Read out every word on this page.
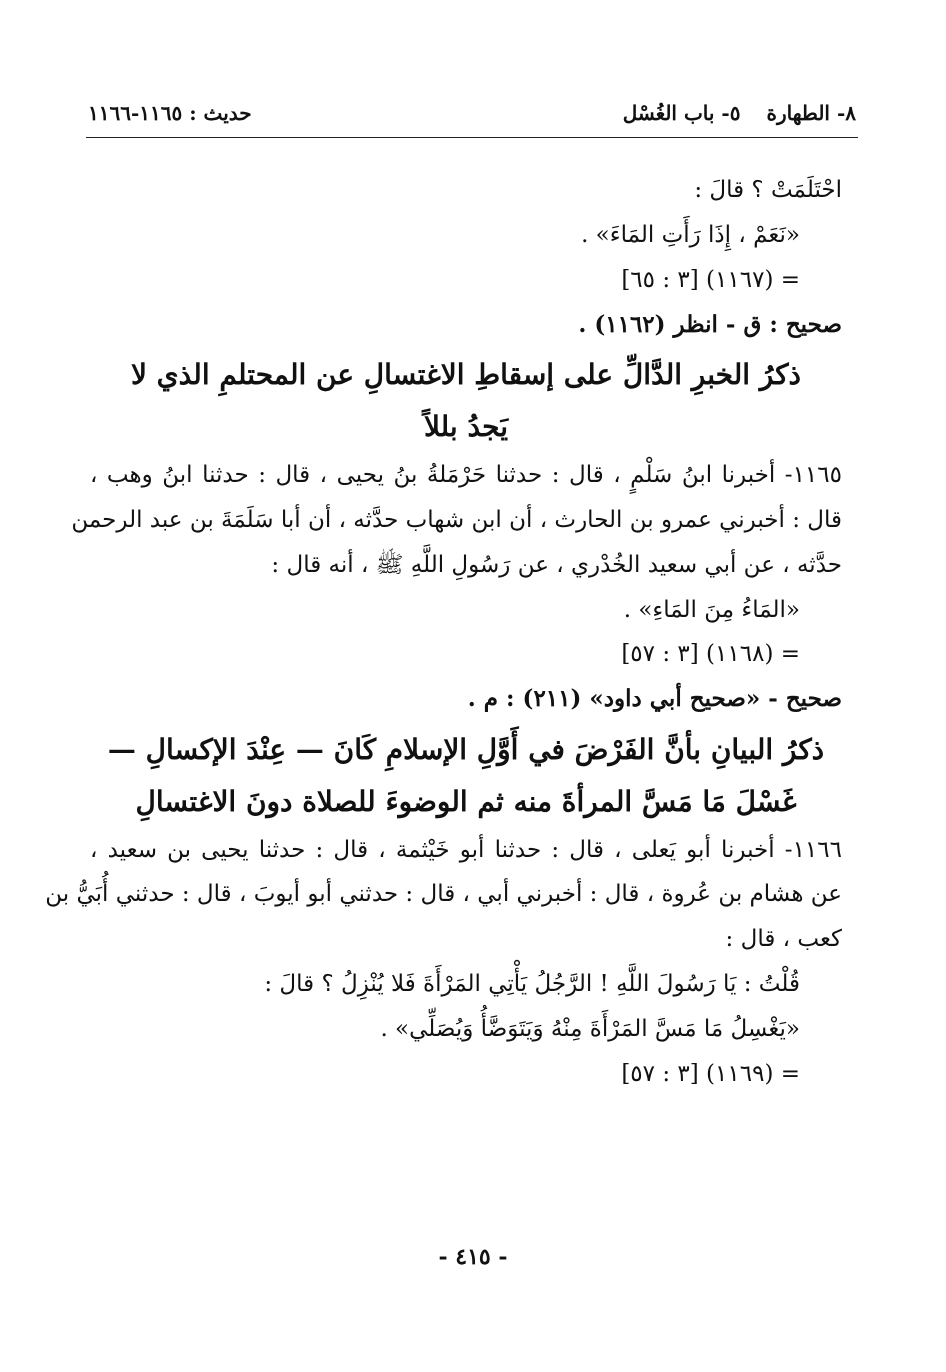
٨- الطهارة
٥- باب الغُسْل
حديث : ١١٦٥-١١٦٦
احْتَلَمَتْ ؟ قالَ :
«نَعَمْ ، إِذَا رَأَتِ المَاءَ» .
= (١١٦٧) [٣ : ٦٥]
صحيح : ق - انظر (١١٦٢) .
ذكرُ الخبرِ الدَّالِّ على إسقاطِ الاغتسالِ عن المحتلمِ الذي لا
يَجدُ بللاً
١١٦٥- أخبرنا ابنُ سَلْمٍ ، قال : حدثنا حَرْمَلةُ بنُ يحيى ، قال : حدثنا ابنُ وهب ،
قال : أخبرني عمرو بن الحارث ، أن ابن شهاب حدَّثه ، أن أبا سَلَمَةَ بن عبد الرحمن
حدَّثه ، عن أبي سعيد الخُدْري ، عن رَسُولِ اللَّهِ ﷺ ، أنه قال :
«المَاءُ مِنَ المَاءِ» .
= (١١٦٨) [٣ : ٥٧]
صحيح - «صحيح أبي داود» (٢١١) : م .
ذكرُ البيانِ بأنَّ الفَرْضَ في أَوَّلِ الإسلامِ كَانَ — عِنْدَ الإكسالِ —
غَسْلَ مَا مَسَّ المرأةَ منه ثم الوضوءَ للصلاة دونَ الاغتسالِ
١١٦٦- أخبرنا أبو يَعلى ، قال : حدثنا أبو خَيْثمة ، قال : حدثنا يحيى بن سعيد ،
عن هشام بن عُروة ، قال : أخبرني أبي ، قال : حدثني أبو أيوبَ ، قال : حدثني أُبَيُّ بن
كعب ، قال :
قُلْتُ : يَا رَسُولَ اللَّهِ ! الرَّجُلُ يَأْتِي المَرْأَةَ فَلا يُنْزِلُ ؟ قالَ :
«يَغْسِلُ مَا مَسَّ المَرْأَةَ مِنْهُ وَيَتَوَضَّأُ وَيُصَلِّي» .
= (١١٦٩) [٣ : ٥٧]
- ٤١٥ -
